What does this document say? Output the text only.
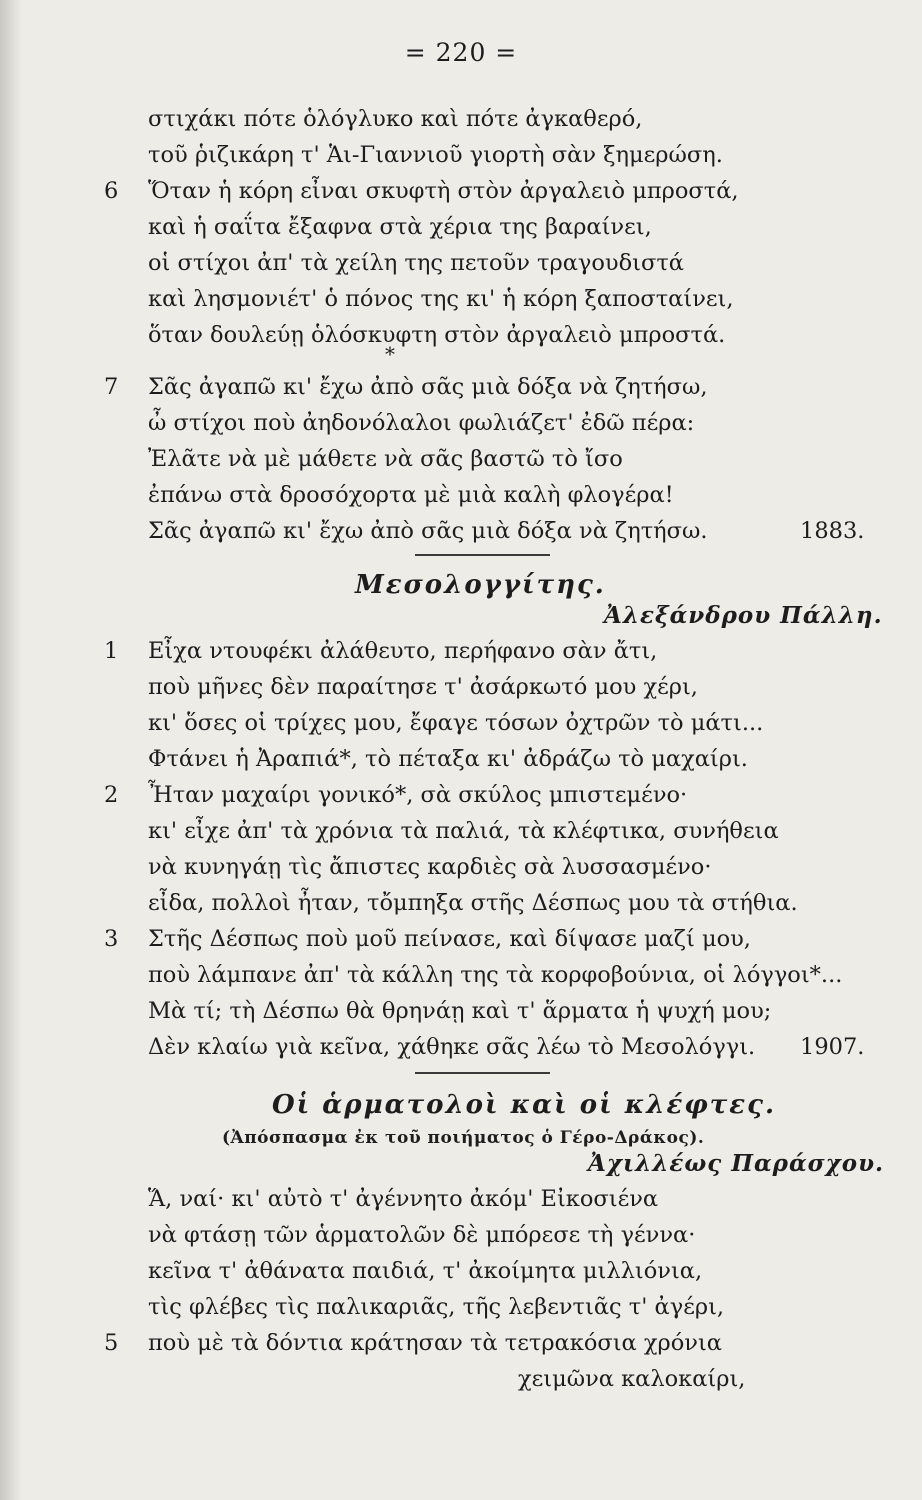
= 220 =
στιχάκι πότε ὁλόγλυκο καὶ πότε ἀγκαθερό,
τοῦ ῥιζικάρη τ' Ἁι-Γιαννιοῦ γιορτὴ σὰν ξημερώση.
6 Ὅταν ἡ κόρη εἶναι σκυφτὴ στὸν ἀργαλειὸ μπροστά,
καὶ ἡ σαΐτα ἔξαφνα στὰ χέρια της βαραίνει,
οἱ στίχοι ἀπ' τὰ χείλη της πετοῦν τραγουδιστά
καὶ λησμονιέτ' ὁ πόνος της κι' ἡ κόρη ξαποσταίνει,
ὅταν δουλεύῃ ὁλόσκυφτη στὸν ἀργαλειὸ μπροστά.
*
7 Σᾶς ἀγαπῶ κι' ἔχω ἀπὸ σᾶς μιὰ δόξα νὰ ζητήσω,
ὦ στίχοι ποὺ ἀηδονόλαλοι φωλιάζετ' ἐδῶ πέρα:
Ἐλᾶτε νὰ μὲ μάθετε νὰ σᾶς βαστῶ τὸ ἴσο
ἐπάνω στὰ δροσόχορτα μὲ μιὰ καλὴ φλογέρα!
Σᾶς ἀγαπῶ κι' ἔχω ἀπὸ σᾶς μιὰ δόξα νὰ ζητήσω.	1883.
Μεσολογγίτης.
Ἀλεξάνδρου Πάλλη.
1 Εἶχα ντουφέκι ἀλάθευτο, περήφανο σὰν ἄτι,
ποὺ μῆνες δὲν παραίτησε τ' ἀσάρκωτό μου χέρι,
κι' ὅσες οἱ τρίχες μου, ἔφαγε τόσων ὀχτρῶν τὸ μάτι...
Φτάνει ἡ Ἀραπιά*, τὸ πέταξα κι' ἀδράζω τὸ μαχαίρι.
2 Ἦταν μαχαίρι γονικό*, σὰ σκύλος μπιστεμένο·
κι' εἶχε ἀπ' τὰ χρόνια τὰ παλιά, τὰ κλέφτικα, συνήθεια
νὰ κυνηγάῃ τὶς ἄπιστες καρδιὲς σὰ λυσσασμένο·
εἶδα, πολλοὶ ἦταν, τὄμπηξα στῆς Δέσπως μου τὰ στήθια.
3 Στῆς Δέσπως ποὺ μοῦ πείνασε, καὶ δίψασε μαζί μου,
ποὺ λάμπανε ἀπ' τὰ κάλλη της τὰ κορφοβούνια, οἱ λόγγοι*...
Μὰ τί; τὴ Δέσπω θὰ θρηνάῃ καὶ τ' ἅρματα ἡ ψυχή μου;
Δὲν κλαίω γιὰ κεῖνα, χάθηκε σᾶς λέω τὸ Μεσολόγγι. 1907.
Οἱ ἁρματολοὶ καὶ οἱ κλέφτες.
(Ἀπόσπασμα ἐκ τοῦ ποιήματος ὁ Γέρο-Δράκος).
Ἀχιλλέως Παράσχου.
Ἅ, ναί· κι' αὐτὸ τ' ἀγέννητο ἀκόμ' Εἰκοσιένα
νὰ φτάσῃ τῶν ἁρματολῶν δὲ μπόρεσε τὴ γέννα·
κεῖνα τ' ἀθάνατα παιδιά, τ' ἀκοίμητα μιλλιόνια,
τὶς φλέβες τὶς παλικαριᾶς, τῆς λεβεντιᾶς τ' ἀγέρι,
5 ποὺ μὲ τὰ δόντια κράτησαν τὰ τετρακόσια χρόνια
χειμῶνα καλοκαίρι,
